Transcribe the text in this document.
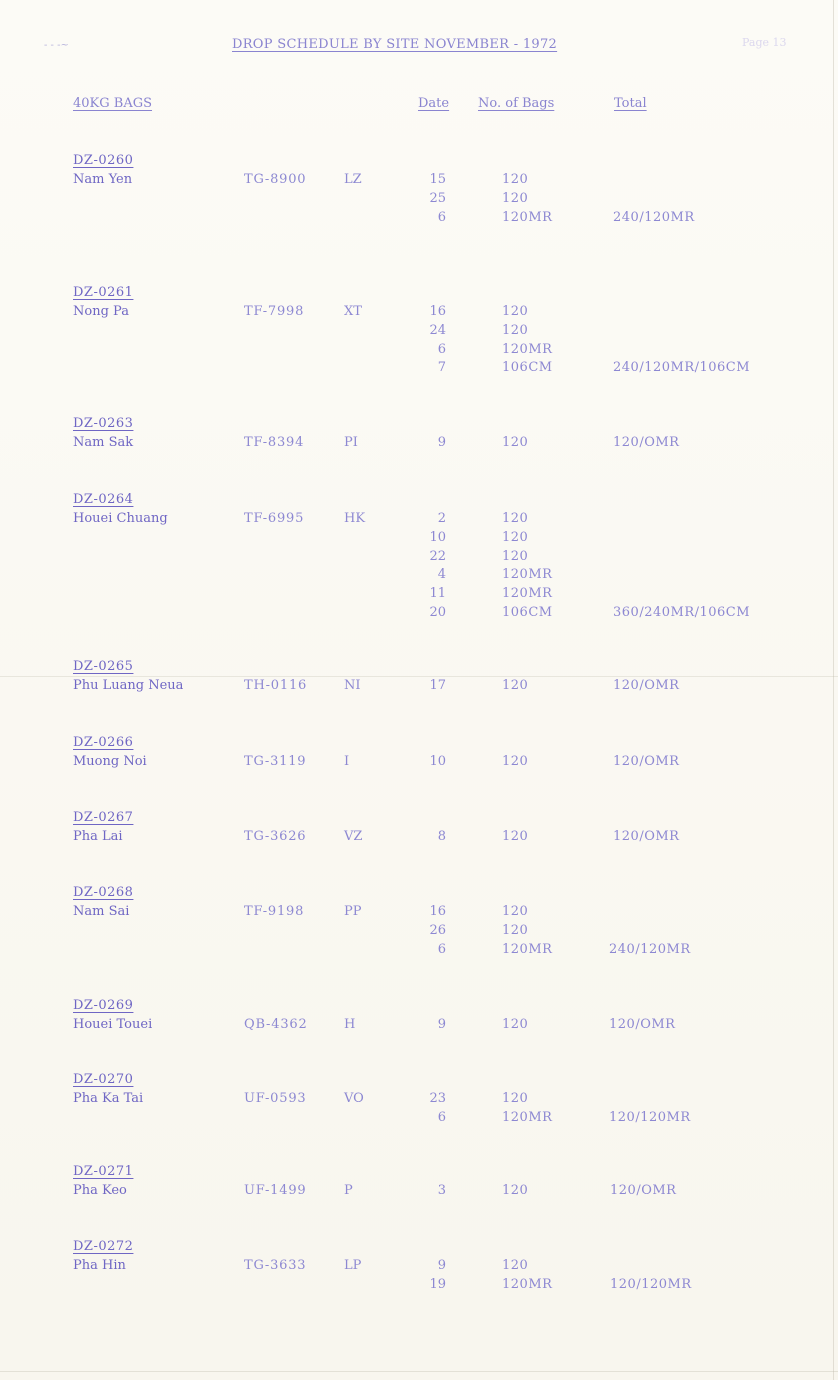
- - -~	DROP SCHEDULE BY SITE NOVEMBER - 1972	Page 13
40KG BAGS	Date No. of Bags	Total
DZ-0260
Nam Yen	TG-8900	LZ	15	120
25	120
6	120MR	240/120MR
DZ-0261
Nong Pa	TF-7998	XT	16	120
24	120
6	120MR
7	106CM	240/120MR/106CM
DZ-0263
Nam Sak	TF-8394	PI	9	120	120/OMR
DZ-0264
Houei Chuang	TF-6995	HK	2	120
10	120
22	120
4	120MR
11	120MR
20	106CM	360/240MR/106CM
DZ-0265
Phu Luang Neua	TH-0116	NI	17	120	120/OMR
DZ-0266
Muong Noi	TG-3119	I	10	120	120/OMR
DZ-0267
Pha Lai	TG-3626	VZ	8	120	120/OMR
DZ-0268
Nam Sai	TF-9198	PP	16	120
26	120
6	120MR	240/120MR
DZ-0269
Houei Touei	QB-4362	H	9	120	120/OMR
DZ-0270
Pha Ka Tai	UF-0593	VO	23	120
6	120MR	120/120MR
DZ-0271
Pha Keo	UF-1499	P	3	120	120/OMR
DZ-0272
Pha Hin	TG-3633	LP	9	120
19	120MR	120/120MR
